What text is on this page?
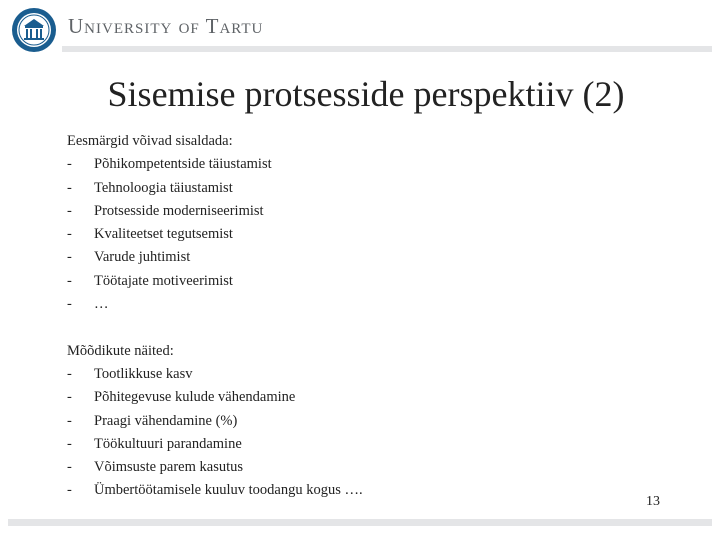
University of Tartu
Sisemise protsesside perspektiiv (2)

Eesmärgid võivad sisaldada:

-	Põhikompetentside täiustamist
-	Tehnoloogia täiustamist
-	Protsesside moderniseerimist
-	Kvaliteetset tegutsemist
-	Varude juhtimist
-	Töötajate motiveerimist
-	…

Mõõdikute näited:

-	Tootlikkuse kasv
-	Põhitegevuse kulude vähendamine
-	Praagi vähendamine (%)
-	Töökultuuri parandamine
-	Võimsuste parem kasutus
-	Ümbertöötamisele kuuluv toodangu kogus ….
13
